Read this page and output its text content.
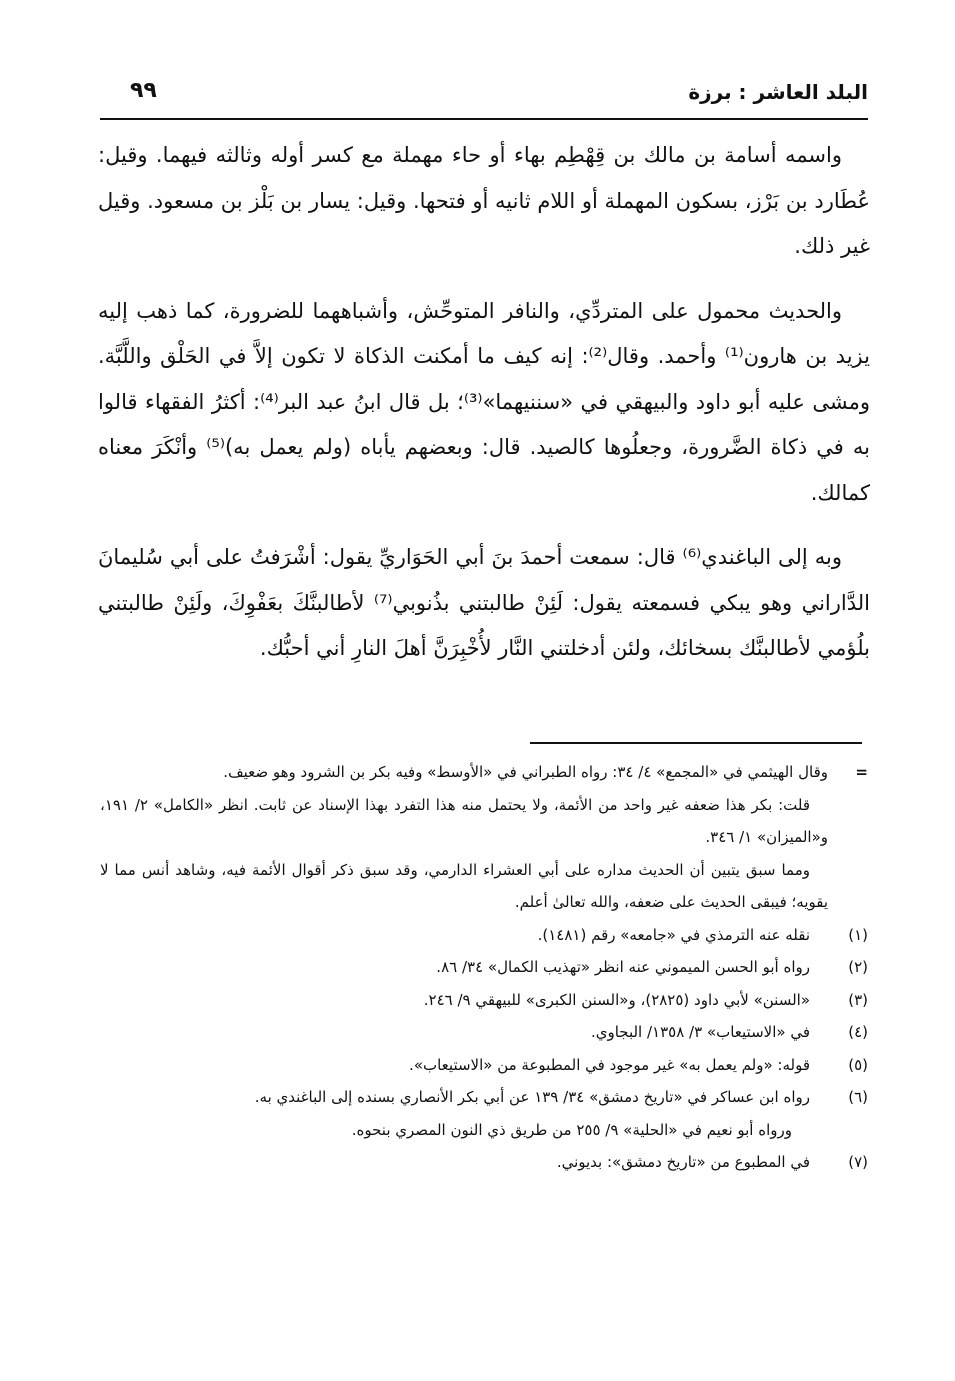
البلد العاشر : برزة
٩٩

واسمه أسامة بن مالك بن قِهْطِم بهاء أو حاء مهملة مع كسر أوله وثالثه فيهما. وقيل: عُطَارد بن بَرْز، بسكون المهملة أو اللام ثانيه أو فتحها. وقيل: يسار بن بَلْز بن مسعود. وقيل غير ذلك.

والحديث محمول على المتردِّي، والنافر المتوحِّش، وأشباههما للضرورة، كما ذهب إليه يزيد بن هارون⁽¹⁾ وأحمد. وقال⁽²⁾: إنه كيف ما أمكنت الذكاة لا تكون إلاَّ في الحَلْق واللَّبَّة. ومشى عليه أبو داود والبيهقي في «سننيهما»⁽³⁾؛ بل قال ابنُ عبد البر⁽⁴⁾: أكثرُ الفقهاء قالوا به في ذكاة الضَّرورة، وجعلُوها كالصيد. قال: وبعضهم يأباه (ولم يعمل به)⁽⁵⁾ وأنْكَرَ معناه كمالك.

وبه إلى الباغندي⁽⁶⁾ قال: سمعت أحمدَ بنَ أبي الحَوَاريِّ يقول: أشْرَفتُ على أبي سُليمانَ الدَّاراني وهو يبكي فسمعته يقول: لَئِنْ طالبتني بذُنوبي⁽⁷⁾ لأطالبنَّكَ بعَفْوِكَ، ولَئِنْ طالبتني بلُؤمي لأطالبنَّك بسخائك، ولئن أدخلتني النَّار لأُخْبِرَنَّ أهلَ النارِ أني أحبُّك.

=

وقال الهيثمي في «المجمع» ٤/ ٣٤: رواه الطبراني في «الأوسط» وفيه بكر بن الشرود وهو ضعيف.

قلت: بكر هذا ضعفه غير واحد من الأئمة، ولا يحتمل منه هذا التفرد بهذا الإسناد عن ثابت. انظر «الكامل» ٢/ ١٩١، و«الميزان» ١/ ٣٤٦.

ومما سبق يتبين أن الحديث مداره على أبي العشراء الدارمي، وقد سبق ذكر أقوال الأئمة فيه، وشاهد أنس مما لا يقويه؛ فيبقى الحديث على ضعفه، والله تعالىٰ أعلم.

(١)
نقله عنه الترمذي في «جامعه» رقم (١٤٨١).
(٢)
رواه أبو الحسن الميموني عنه انظر «تهذيب الكمال» ٣٤/ ٨٦.
(٣)
«السنن» لأبي داود (٢٨٢٥)، و«السنن الكبرى» للبيهقي ٩/ ٢٤٦.
(٤)
في «الاستيعاب» ٣/ ١٣٥٨/ البجاوي.
(٥)
قوله: «ولم يعمل به» غير موجود في المطبوعة من «الاستيعاب».
(٦)
رواه ابن عساكر في «تاريخ دمشق» ٣٤/ ١٣٩ عن أبي بكر الأنصاري بسنده إلى الباغندي به.
ورواه أبو نعيم في «الحلية» ٩/ ٢٥٥ من طريق ذي النون المصري بنحوه.
(٧)
في المطبوع من «تاريخ دمشق»: بديوني.
